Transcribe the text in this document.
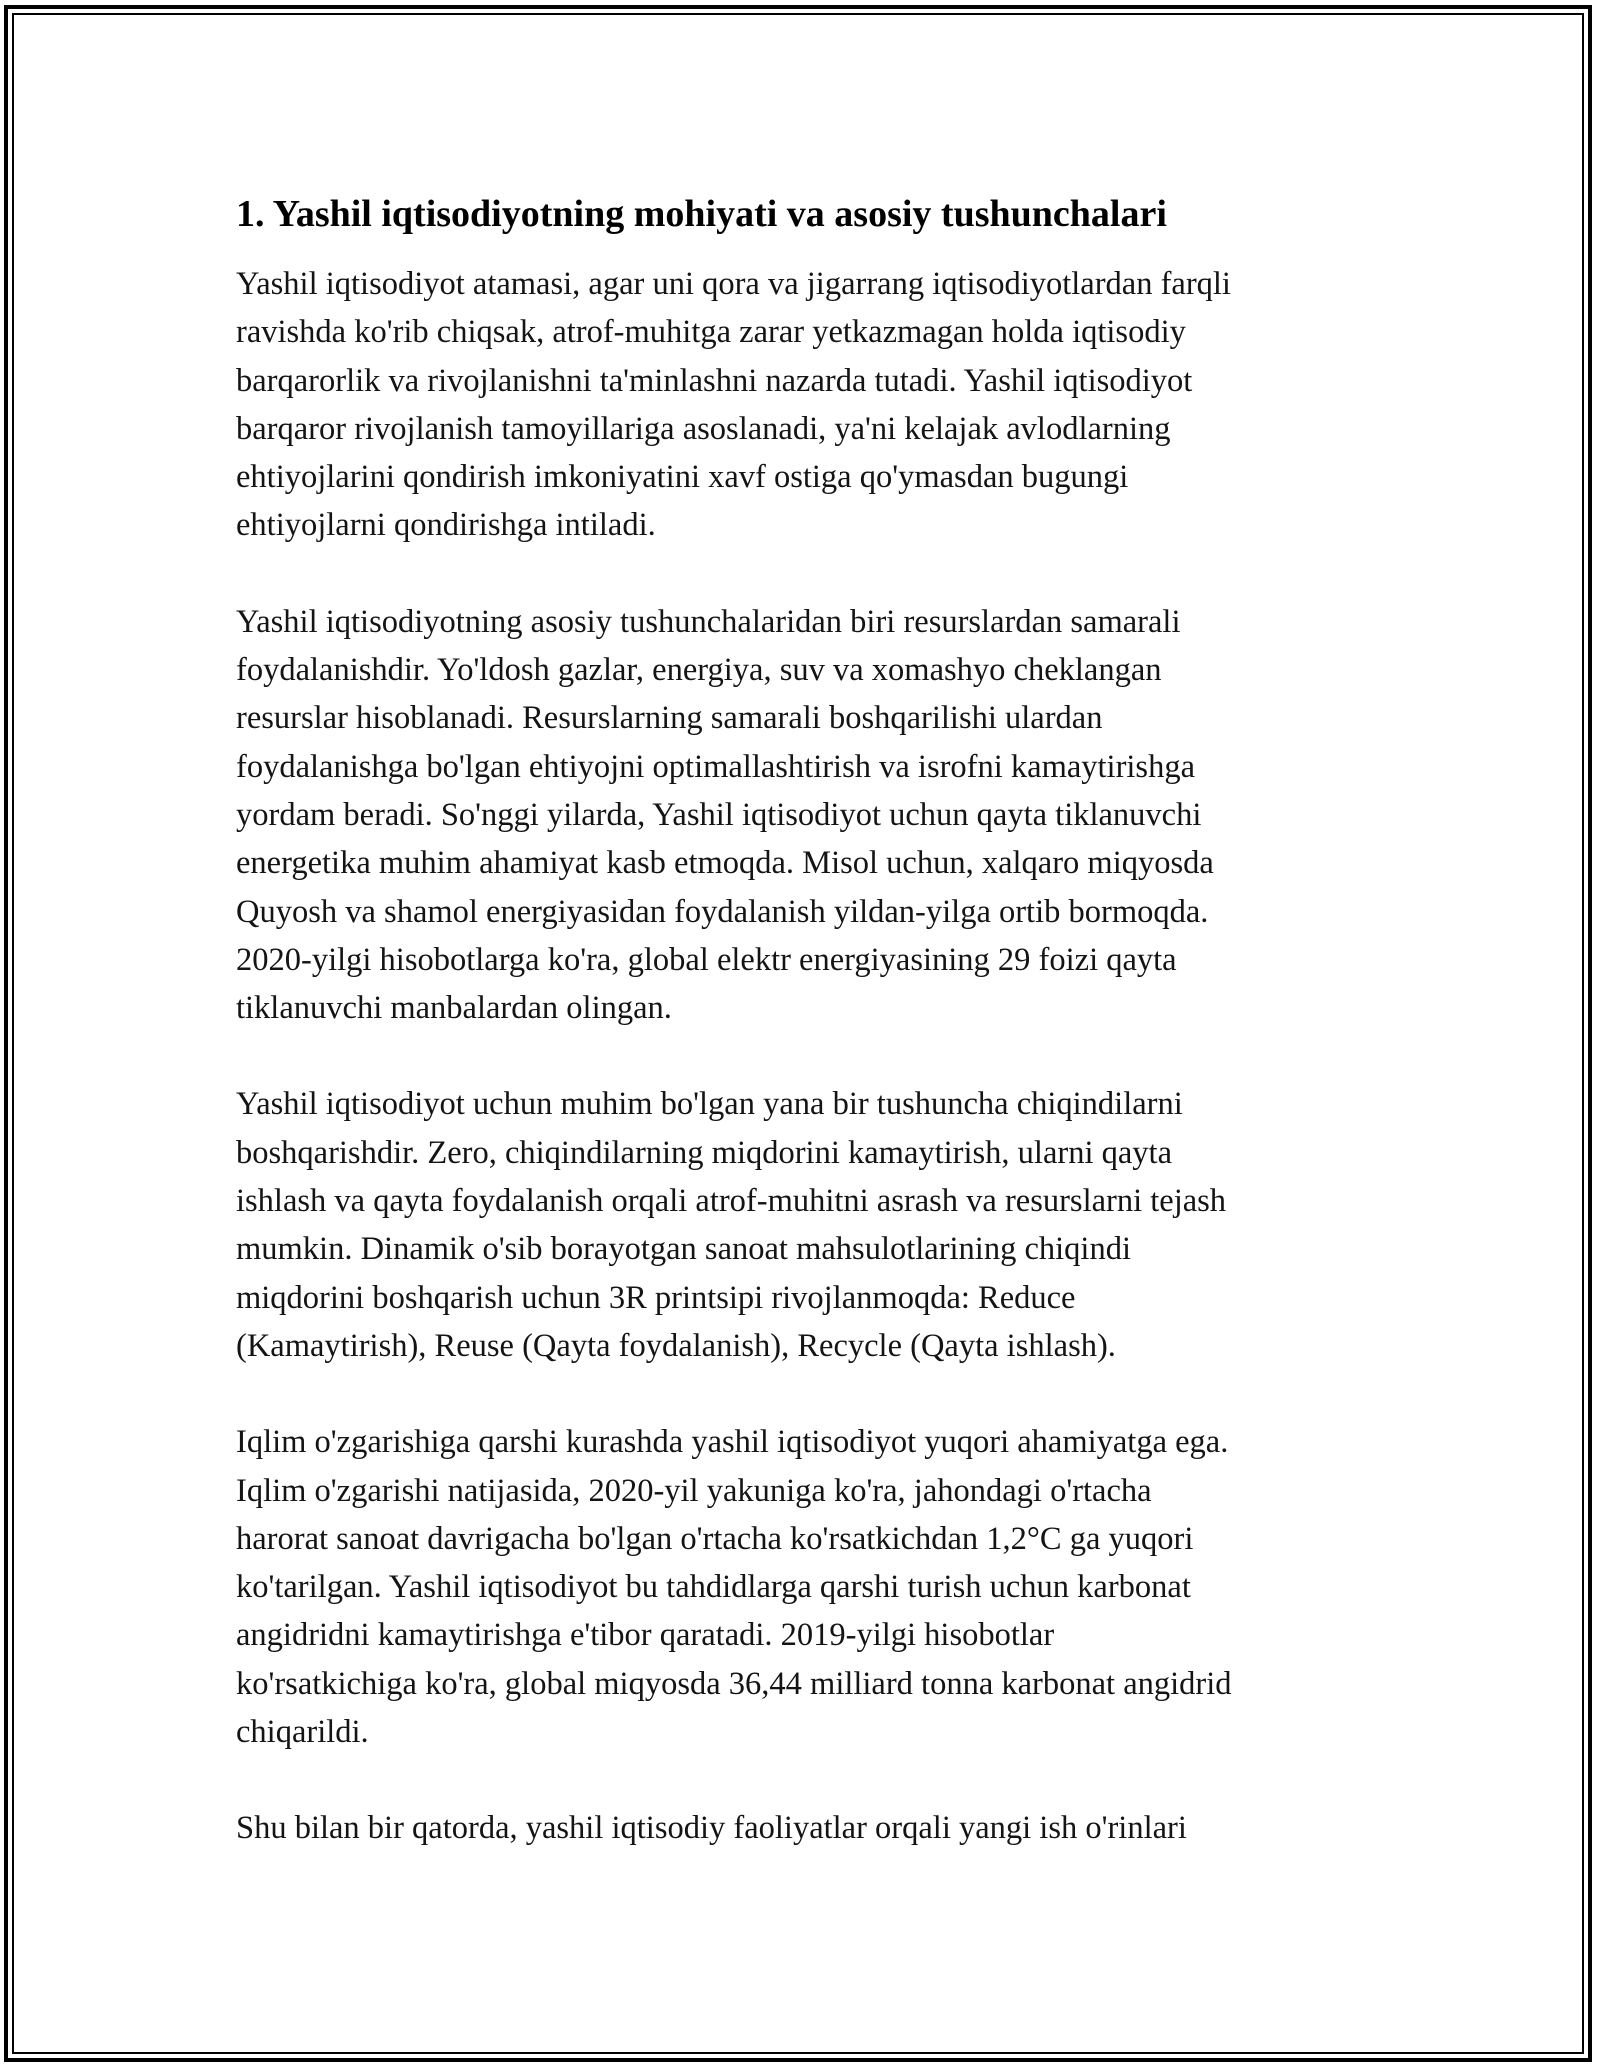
1. Yashil iqtisodiyotning mohiyati va asosiy tushunchalari

Yashil iqtisodiyot atamasi, agar uni qora va jigarrang iqtisodiyotlardan farqli
ravishda ko'rib chiqsak, atrof-muhitga zarar yetkazmagan holda iqtisodiy
barqarorlik va rivojlanishni ta'minlashni nazarda tutadi. Yashil iqtisodiyot
barqaror rivojlanish tamoyillariga asoslanadi, ya'ni kelajak avlodlarning
ehtiyojlarini qondirish imkoniyatini xavf ostiga qo'ymasdan bugungi
ehtiyojlarni qondirishga intiladi.

Yashil iqtisodiyotning asosiy tushunchalaridan biri resurslardan samarali
foydalanishdir. Yo'ldosh gazlar, energiya, suv va xomashyo cheklangan
resurslar hisoblanadi. Resurslarning samarali boshqarilishi ulardan
foydalanishga bo'lgan ehtiyojni optimallashtirish va isrofni kamaytirishga
yordam beradi. So'nggi yilarda, Yashil iqtisodiyot uchun qayta tiklanuvchi
energetika muhim ahamiyat kasb etmoqda. Misol uchun, xalqaro miqyosda
Quyosh va shamol energiyasidan foydalanish yildan-yilga ortib bormoqda.
2020-yilgi hisobotlarga ko'ra, global elektr energiyasining 29 foizi qayta
tiklanuvchi manbalardan olingan.

Yashil iqtisodiyot uchun muhim bo'lgan yana bir tushuncha chiqindilarni
boshqarishdir. Zero, chiqindilarning miqdorini kamaytirish, ularni qayta
ishlash va qayta foydalanish orqali atrof-muhitni asrash va resurslarni tejash
mumkin. Dinamik o'sib borayotgan sanoat mahsulotlarining chiqindi
miqdorini boshqarish uchun 3R printsipi rivojlanmoqda: Reduce
(Kamaytirish), Reuse (Qayta foydalanish), Recycle (Qayta ishlash).

Iqlim o'zgarishiga qarshi kurashda yashil iqtisodiyot yuqori ahamiyatga ega.
Iqlim o'zgarishi natijasida, 2020-yil yakuniga ko'ra, jahondagi o'rtacha
harorat sanoat davrigacha bo'lgan o'rtacha ko'rsatkichdan 1,2°C ga yuqori
ko'tarilgan. Yashil iqtisodiyot bu tahdidlarga qarshi turish uchun karbonat
angidridni kamaytirishga e'tibor qaratadi. 2019-yilgi hisobotlar
ko'rsatkichiga ko'ra, global miqyosda 36,44 milliard tonna karbonat angidrid
chiqarildi.

Shu bilan bir qatorda, yashil iqtisodiy faoliyatlar orqali yangi ish o'rinlari
